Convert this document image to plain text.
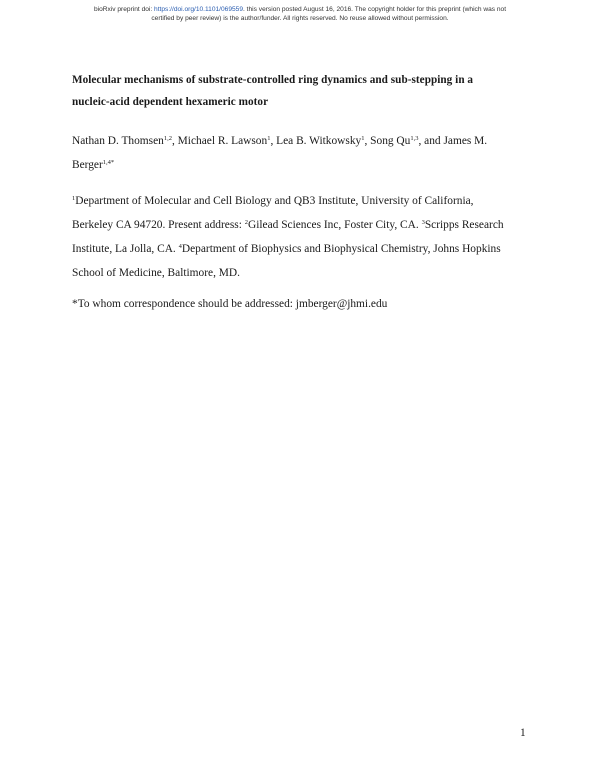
bioRxiv preprint doi: https://doi.org/10.1101/069559. this version posted August 16, 2016. The copyright holder for this preprint (which was not
certified by peer review) is the author/funder. All rights reserved. No reuse allowed without permission.
Molecular mechanisms of substrate-controlled ring dynamics and sub-stepping in a
nucleic-acid dependent hexameric motor
Nathan D. Thomsen$^{1,2}$, Michael R. Lawson$^1$, Lea B. Witkowsky$^1$, Song Qu$^{1,3}$, and James M.
Berger$^{1,4*}$
$^1$Department of Molecular and Cell Biology and QB3 Institute, University of California,
Berkeley CA 94720. Present address: $^2$Gilead Sciences Inc, Foster City, CA. $^3$Scripps Research
Institute, La Jolla, CA. $^4$Department of Biophysics and Biophysical Chemistry, Johns Hopkins
School of Medicine, Baltimore, MD.
*To whom correspondence should be addressed: jmberger@jhmi.edu
1
